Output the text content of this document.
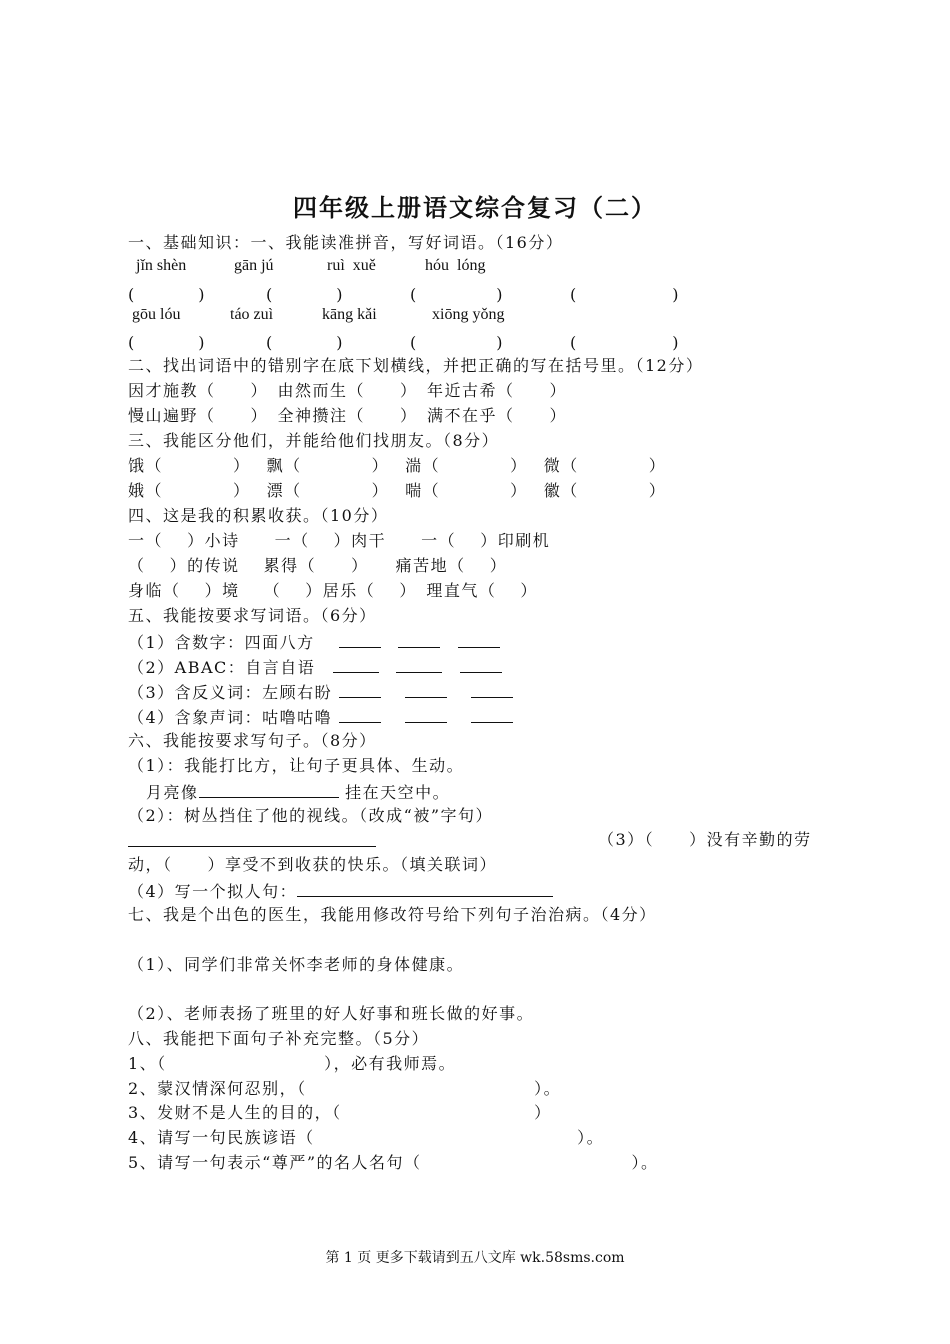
四年级上册语文综合复习（二）
一、基础知识：一、我能读准拼音，写好词语。（16分）
jǐn shèn	gān jú	ruì  xuě	hóu  lóng
(　　　　)	(　　　　)	(　　　　　)	(　　　　　　)
gōu lóu	táo zuì	kāng kǎi	xiōng yǒng
(　　　　)	(　　　　)	(　　　　　)	(　　　　　　)
二、找出词语中的错别字在底下划横线，并把正确的写在括号里。（12分）
因才施教（　　）　由然而生（　　）　年近古希（　　）
慢山遍野（　　）　全神攒注（　　）　满不在乎（　　）
三、我能区分他们，并能给他们找朋友。（8分）
饿（　　　　）　 飘（　　　　）　 湍（　　　　）　 微（　　　　）
娥（　　　　）　 漂（　　　　）　 喘（　　　　）　 徽（　　　　）
四、这是我的积累收获。（10分）
一（　 ）小诗　　一（　 ）肉干　　一（　 ）印刷机
（　 ）的传说　 累得（　　）　　痛苦地（　 ）
身临（　 ）境　 （　 ）居乐（　 ）　理直气（　 ）
五、我能按要求写词语。（6分）
（1）含数字：四面八方　 　　
（2）ABAC：自言自语　　　
（3）含反义词：左顾右盼 　 　
（4）含象声词：咕噜咕噜 　 　
六、我能按要求写句子。（8分）
（1）：我能打比方，让句子更具体、生动。
月亮像	挂在天空中。
（2）：树丛挡住了他的视线。（改成“被”字句）
（3）（　　）没有辛勤的劳
动，（　　）享受不到收获的快乐。（填关联词）
（4）写一个拟人句：
七、我是个出色的医生，我能用修改符号给下列句子治治病。（4分）
（1）、同学们非常关怀李老师的身体健康。
（2）、老师表扬了班里的好人好事和班长做的好事。
八、我能把下面句子补充完整。（5分）
1、（　　　　　　　　　），必有我师焉。
2、蒙汉情深何忍别，（　　　　　　　　　　　　　）。
3、发财不是人生的目的，（　　　　　　　　　　　）
4、请写一句民族谚语（　　　　　　　　　　　　　　　）。
5、请写一句表示“尊严”的名人名句（　　　　　　　　　　　　）。
第 1 页 更多下载请到五八文库 wk.58sms.com
